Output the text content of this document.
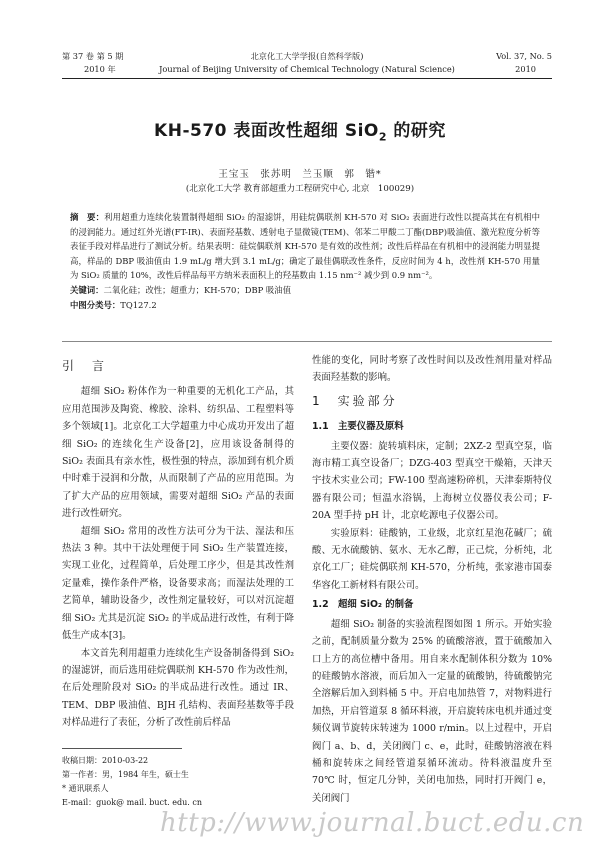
第 37 卷 第 5 期
2010 年
北京化工大学学报(自然科学版)
Journal of Beijing University of Chemical Technology (Natural Science)
Vol. 37, No. 5
2010
KH-570 表面改性超细 SiO$_2$ 的研究
王宝玉　张苏明　兰玉顺　郭　锴*
(北京化工大学 教育部超重力工程研究中心, 北京　100029)

摘　要：利用超重力连续化装置制得超细 SiO₂ 的湿滤饼，用硅烷偶联剂 KH-570 对 SiO₂ 表面进行改性以提高其在有机相中的浸润能力。通过红外光谱(FT-IR)、表面羟基数、透射电子显微镜(TEM)、邻苯二甲酸二丁酯(DBP)吸油值、激光粒度分析等表征手段对样品进行了测试分析。结果表明：硅烷偶联剂 KH-570 是有效的改性剂；改性后样品在有机相中的浸润能力明显提高，样品的 DBP 吸油值由 1.9 mL/g 增大到 3.1 mL/g；确定了最佳偶联改性条件，反应时间为 4 h，改性剂 KH-570 用量为 SiO₂ 质量的 10%，改性后样品每平方纳米表面积上的羟基数由 1.15 nm⁻² 减少到 0.9 nm⁻²。

关键词：二氧化硅；改性；超重力；KH-570；DBP 吸油值

中图分类号：TQ127.2

引　言

超细 SiO₂ 粉体作为一种重要的无机化工产品，其应用范围涉及陶瓷、橡胶、涂料、纺织品、工程塑料等多个领域[1]。北京化工大学超重力中心成功开发出了超细 SiO₂ 的连续化生产设备[2]，应用该设备制得的 SiO₂ 表面具有亲水性，极性强的特点，添加到有机介质中时难于浸润和分散，从而限制了产品的应用范围。为了扩大产品的应用领域，需要对超细 SiO₂ 产品的表面进行改性研究。

超细 SiO₂ 常用的改性方法可分为干法、湿法和压热法 3 种。其中干法处理便于同 SiO₂ 生产装置连接，实现工业化，过程简单，后处理工序少，但是其改性剂定量难，操作条件严格，设备要求高；而湿法处理的工艺简单，辅助设备少，改性剂定量较好，可以对沉淀超细 SiO₂ 尤其是沉淀 SiO₂ 的半成品进行改性，有利于降低生产成本[3]。

本文首先利用超重力连续化生产设备制备得到 SiO₂ 的湿滤饼，而后选用硅烷偶联剂 KH-570 作为改性剂，在后处理阶段对 SiO₂ 的半成品进行改性。通过 IR、TEM、DBP 吸油值、BJH 孔结构、表面羟基数等手段对样品进行了表征，分析了改性前后样品

收稿日期：2010-03-22
第一作者：男，1984 年生，硕士生
* 通讯联系人
E-mail：guok@ mail. buct. edu. cn

性能的变化，同时考察了改性时间以及改性剂用量对样品表面羟基数的影响。

1　实验部分
1.1　主要仪器及原料

主要仪器：旋转填料床，定制；2XZ-2 型真空泵，临海市精工真空设备厂；DZG-403 型真空干燥箱，天津天宇技术实业公司；FW-100 型高速粉碎机，天津泰斯特仪器有限公司；恒温水浴锅，上海树立仪器仪表公司；F-20A 型手持 pH 计，北京屹源电子仪器公司。

实验原料：硅酸钠，工业级，北京红星泡花碱厂；硫酸、无水硫酸钠、氨水、无水乙醇，正己烷，分析纯，北京化工厂；硅烷偶联剂 KH-570，分析纯，张家港市国泰华容化工新材料有限公司。

1.2　超细 SiO₂ 的制备

超细 SiO₂ 制备的实验流程图如图 1 所示。开始实验之前，配制质量分数为 25% 的硫酸溶液，置于硫酸加入口上方的高位槽中备用。用自来水配制体积分数为 10% 的硅酸钠水溶液，而后加入一定量的硫酸钠，待硫酸钠完全溶解后加入到料桶 5 中。开启电加热管 7，对物料进行加热，开启管道泵 8 循环料液，开启旋转床电机并通过变频仪调节旋转床转速为 1000 r/min。以上过程中，开启阀门 a、b、d，关闭阀门 c、e，此时，硅酸钠溶液在料桶和旋转床之间经管道泵循环流动。待料液温度升至 70℃ 时，恒定几分钟，关闭电加热，同时打开阀门 e，关闭阀门

http://www.journal.buct.edu.cn
